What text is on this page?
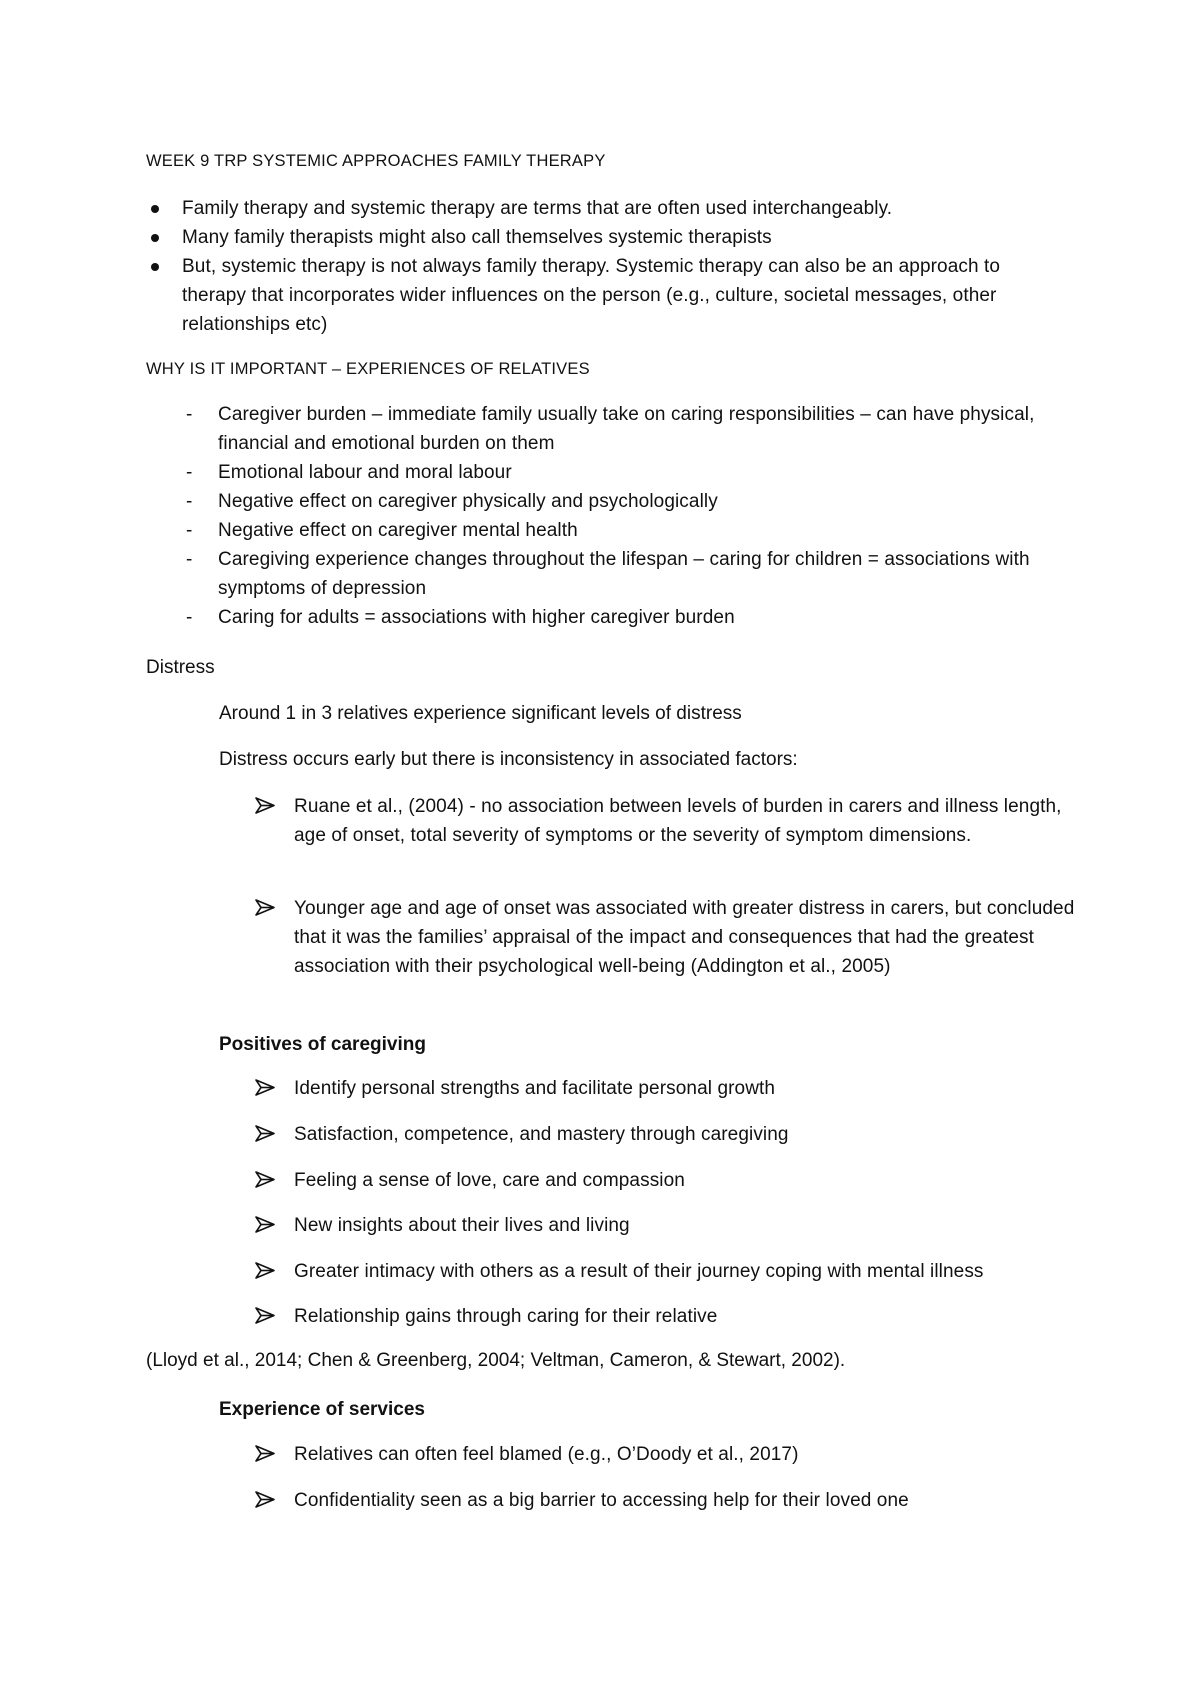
WEEK 9 TRP SYSTEMIC APPROACHES FAMILY THERAPY
Family therapy and systemic therapy are terms that are often used interchangeably.
Many family therapists might also call themselves systemic therapists
But, systemic therapy is not always family therapy. Systemic therapy can also be an approach to therapy that incorporates wider influences on the person (e.g., culture, societal messages, other relationships etc)
WHY IS IT IMPORTANT – EXPERIENCES OF RELATIVES
- Caregiver burden – immediate family usually take on caring responsibilities – can have physical, financial and emotional burden on them
- Emotional labour and moral labour
- Negative effect on caregiver physically and psychologically
- Negative effect on caregiver mental health
- Caregiving experience changes throughout the lifespan – caring for children = associations with symptoms of depression
- Caring for adults = associations with higher caregiver burden
Distress
Around 1 in 3 relatives experience significant levels of distress
Distress occurs early but there is inconsistency in associated factors:
Ruane et al., (2004) - no association between levels of burden in carers and illness length, age of onset, total severity of symptoms or the severity of symptom dimensions.
Younger age and age of onset was associated with greater distress in carers, but concluded that it was the families’ appraisal of the impact and consequences that had the greatest association with their psychological well-being (Addington et al., 2005)
Positives of caregiving
Identify personal strengths and facilitate personal growth
Satisfaction, competence, and mastery through caregiving
Feeling a sense of love, care and compassion
New insights about their lives and living
Greater intimacy with others as a result of their journey coping with mental illness
Relationship gains through caring for their relative
(Lloyd et al., 2014; Chen & Greenberg, 2004; Veltman, Cameron, & Stewart, 2002).
Experience of services
Relatives can often feel blamed (e.g., O’Doody et al., 2017)
Confidentiality seen as a big barrier to accessing help for their loved one
